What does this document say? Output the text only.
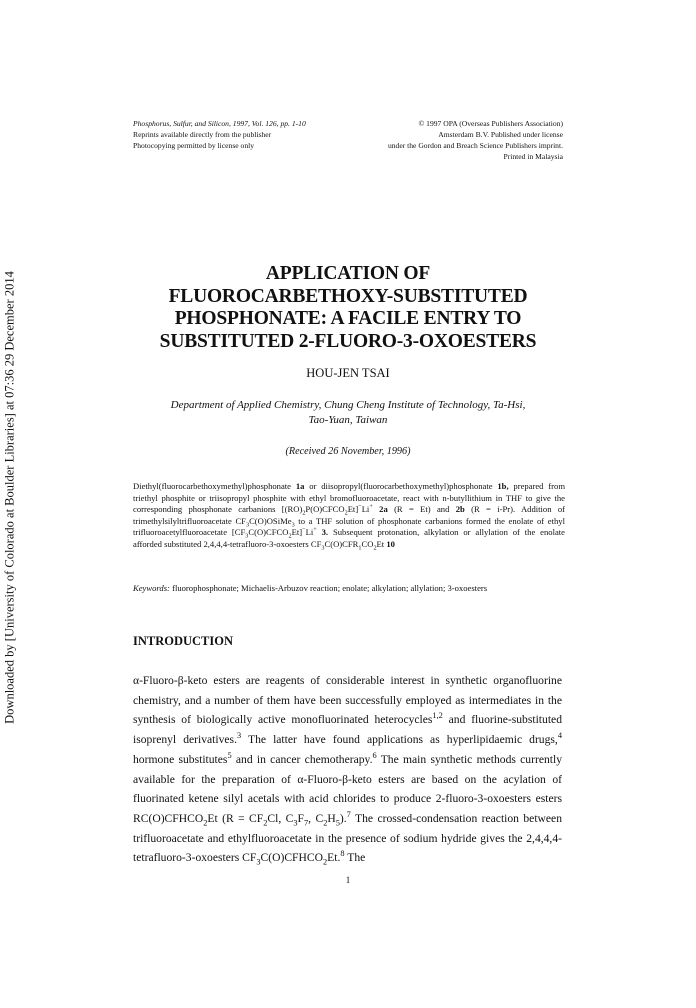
Downloaded by [University of Colorado at Boulder Libraries] at 07:36 29 December 2014
Phosphorus, Sulfur, and Silicon, 1997, Vol. 126, pp. 1-10
Reprints available directly from the publisher
Photocopying permitted by license only
© 1997 OPA (Overseas Publishers Association)
Amsterdam B.V. Published under license
under the Gordon and Breach Science Publishers imprint.
Printed in Malaysia
APPLICATION OF
FLUOROCARBETHOXY-SUBSTITUTED
PHOSPHONATE: A FACILE ENTRY TO
SUBSTITUTED 2-FLUORO-3-OXOESTERS
HOU-JEN TSAI
Department of Applied Chemistry, Chung Cheng Institute of Technology, Ta-Hsi,
Tao-Yuan, Taiwan
(Received 26 November, 1996)
Diethyl(fluorocarbethoxymethyl)phosphonate 1a or diisopropyl(fluorocarbethoxymethyl)phosphonate 1b, prepared from triethyl phosphite or triisopropyl phosphite with ethyl bromofluoroacetate, react with n-butyllithium in THF to give the corresponding phosphonate carbanions $[(RO)_2P(O)CFCO_2Et]^-Li^+$ 2a (R = Et) and 2b (R = i-Pr). Addition of trimethylsilyltrifluoroacetate $CF_3C(O)OSiMe_3$ to a THF solution of phosphonate carbanions formed the enolate of ethyl trifluoroacetylfluoroacetate $[CF_3C(O)CFCO_2Et]^-Li^+$ 3. Subsequent protonation, alkylation or allylation of the enolate afforded substituted 2,4,4,4-tetrafluoro-3-oxoesters $CF_3C(O)CFR_1CO_2Et$ 10
Keywords: fluorophosphonate; Michaelis-Arbuzov reaction; enolate; alkylation; allylation; 3-oxoesters
INTRODUCTION
α-Fluoro-β-keto esters are reagents of considerable interest in synthetic organofluorine chemistry, and a number of them have been successfully employed as intermediates in the synthesis of biologically active monofluorinated heterocycles$^{1,2}$ and fluorine-substituted isoprenyl derivatives.$^3$ The latter have found applications as hyperlipidaemic drugs,$^4$ hormone substitutes$^5$ and in cancer chemotherapy.$^6$ The main synthetic methods currently available for the preparation of α-Fluoro-β-keto esters are based on the acylation of fluorinated ketene silyl acetals with acid chlorides to produce 2-fluoro-3-oxoesters esters $RC(O)CFHCO_2Et$ ($R = CF_2Cl$, $C_3F_7$, $C_2H_5).^7$ The crossed-condensation reaction between trifluoroacetate and ethylfluoroacetate in the presence of sodium hydride gives the 2,4,4,4-tetrafluoro-3-oxoesters $CF_3C(O)CFHCO_2Et.^8$ The
1
